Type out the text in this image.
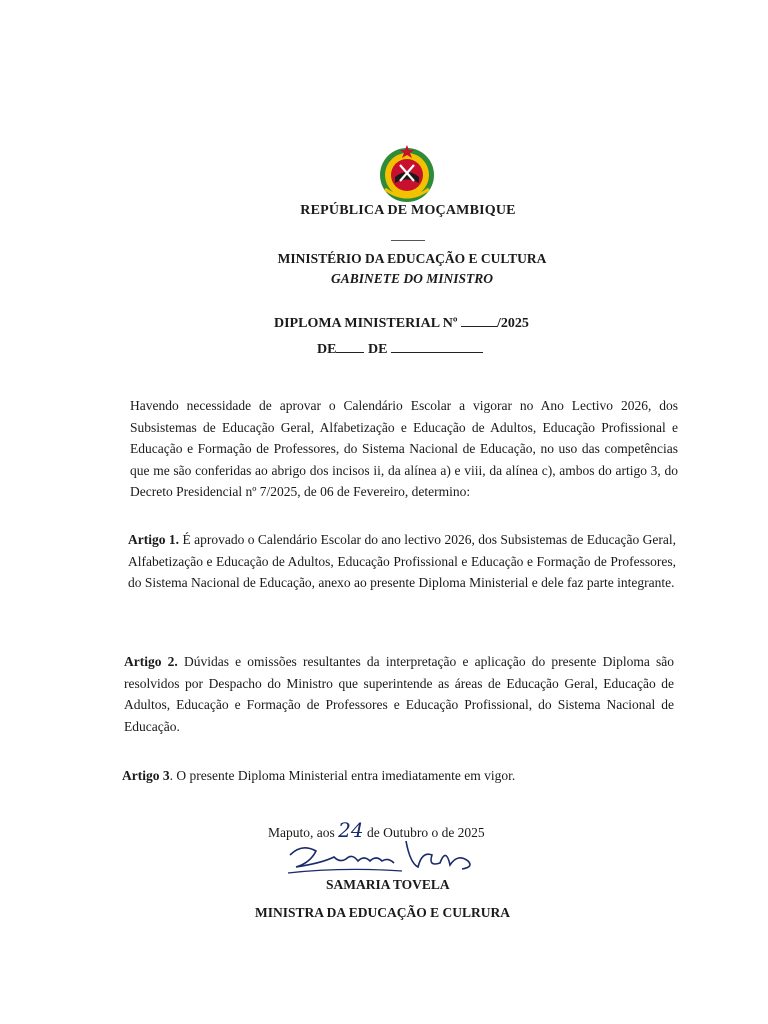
REPÚBLICA DE MOÇAMBIQUE
MINISTÉRIO DA EDUCAÇÃO E CULTURA
GABINETE DO MINISTRO
DIPLOMA MINISTERIAL Nº	/2025
DE DE
Havendo necessidade de aprovar o Calendário Escolar a vigorar no Ano Lectivo 2026, dos Subsistemas de Educação Geral, Alfabetização e Educação de Adultos, Educação Profissional e Educação e Formação de Professores, do Sistema Nacional de Educação, no uso das competências que me são conferidas ao abrigo dos incisos ii, da alínea a) e viii, da alínea c), ambos do artigo 3, do Decreto Presidencial nº 7/2025, de 06 de Fevereiro, determino:
Artigo 1. É aprovado o Calendário Escolar do ano lectivo 2026, dos Subsistemas de Educação Geral, Alfabetização e Educação de Adultos, Educação Profissional e Educação e Formação de Professores, do Sistema Nacional de Educação, anexo ao presente Diploma Ministerial e dele faz parte integrante.
Artigo 2. Dúvidas e omissões resultantes da interpretação e aplicação do presente Diploma são resolvidos por Despacho do Ministro que superintende as áreas de Educação Geral, Educação de Adultos, Educação e Formação de Professores e Educação Profissional, do Sistema Nacional de Educação.
Artigo 3. O presente Diploma Ministerial entra imediatamente em vigor.
Maputo, aos 24 de Outubro o de 2025
SAMARIA TOVELA
MINISTRA DA EDUCAÇÃO E CULRURA
